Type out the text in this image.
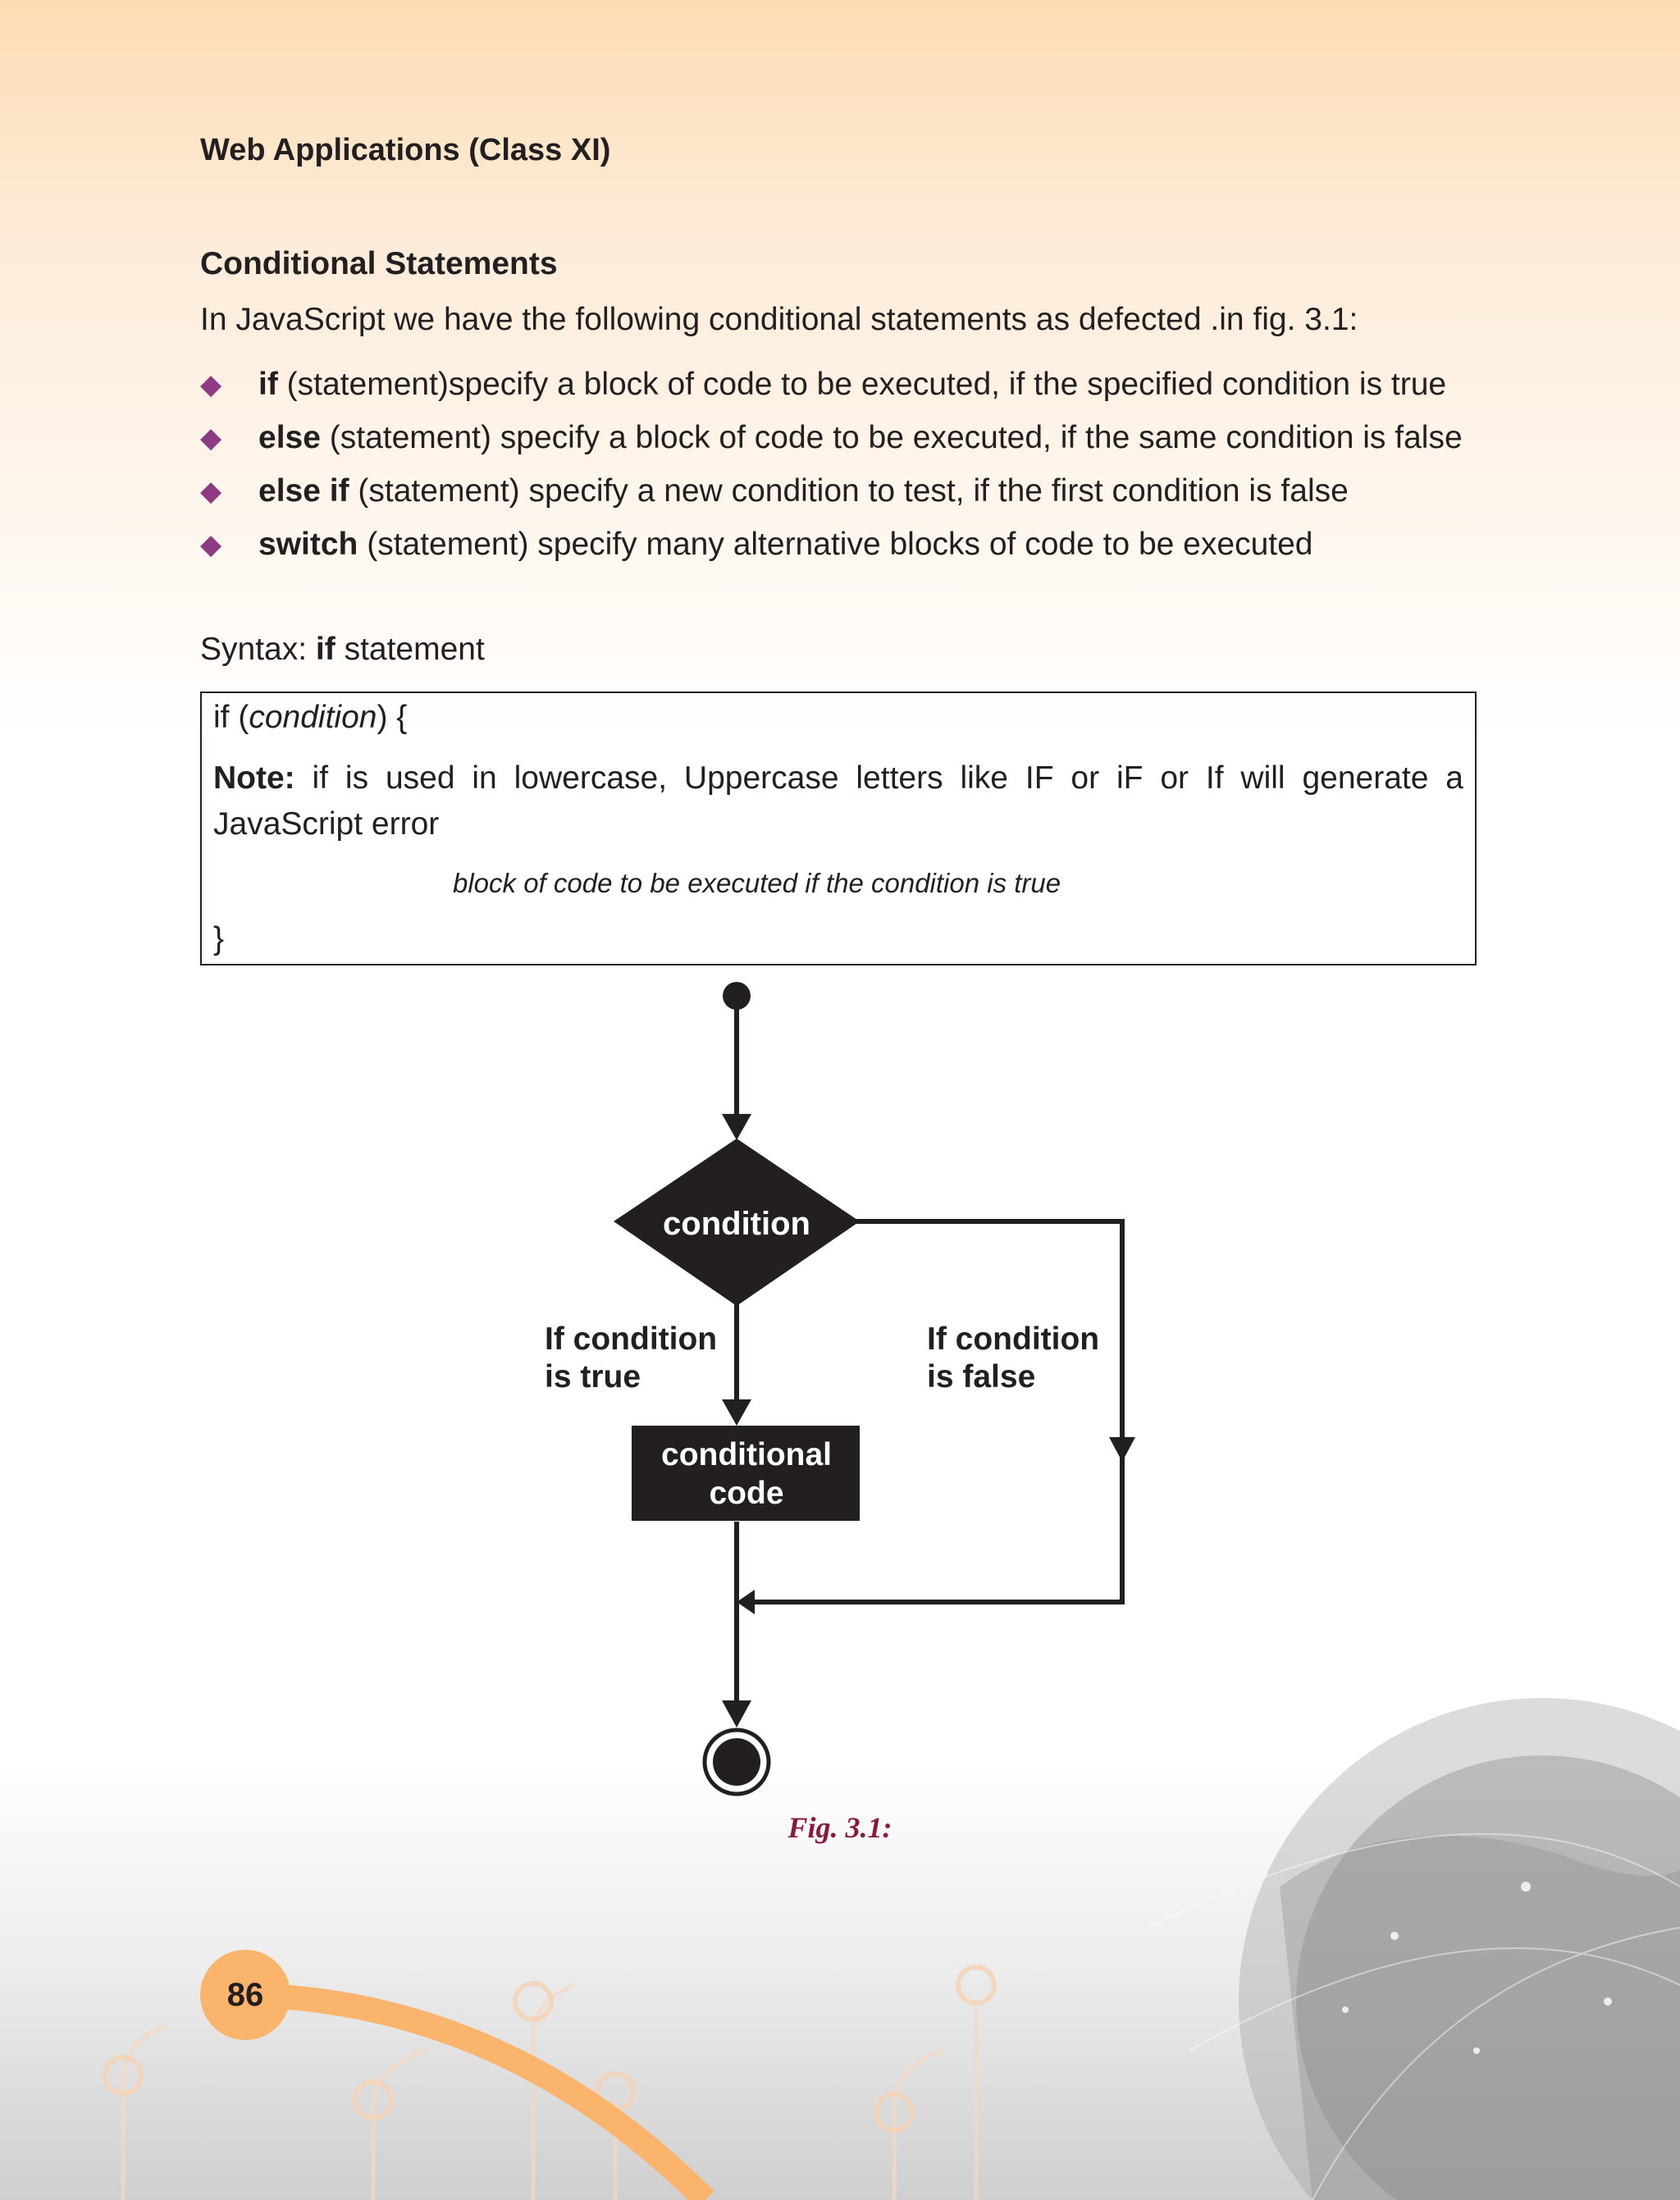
Web Applications (Class XI)
Conditional Statements

In JavaScript we have the following conditional statements as defected .in fig. 3.1:

◆ if (statement)specify a block of code to be executed, if the specified condition is true
◆ else (statement) specify a block of code to be executed, if the same condition is false
◆ else if (statement) specify a new condition to test, if the first condition is false
◆ switch (statement) specify many alternative blocks of code to be executed

Syntax: if statement

if (condition) {

Note: if is used in lowercase, Uppercase letters like IF or iF or If will generate a JavaScript error

block of code to be executed if the condition is true

}

condition
conditional
code

If condition
is true

If condition
is false

Fig. 3.1:

86
